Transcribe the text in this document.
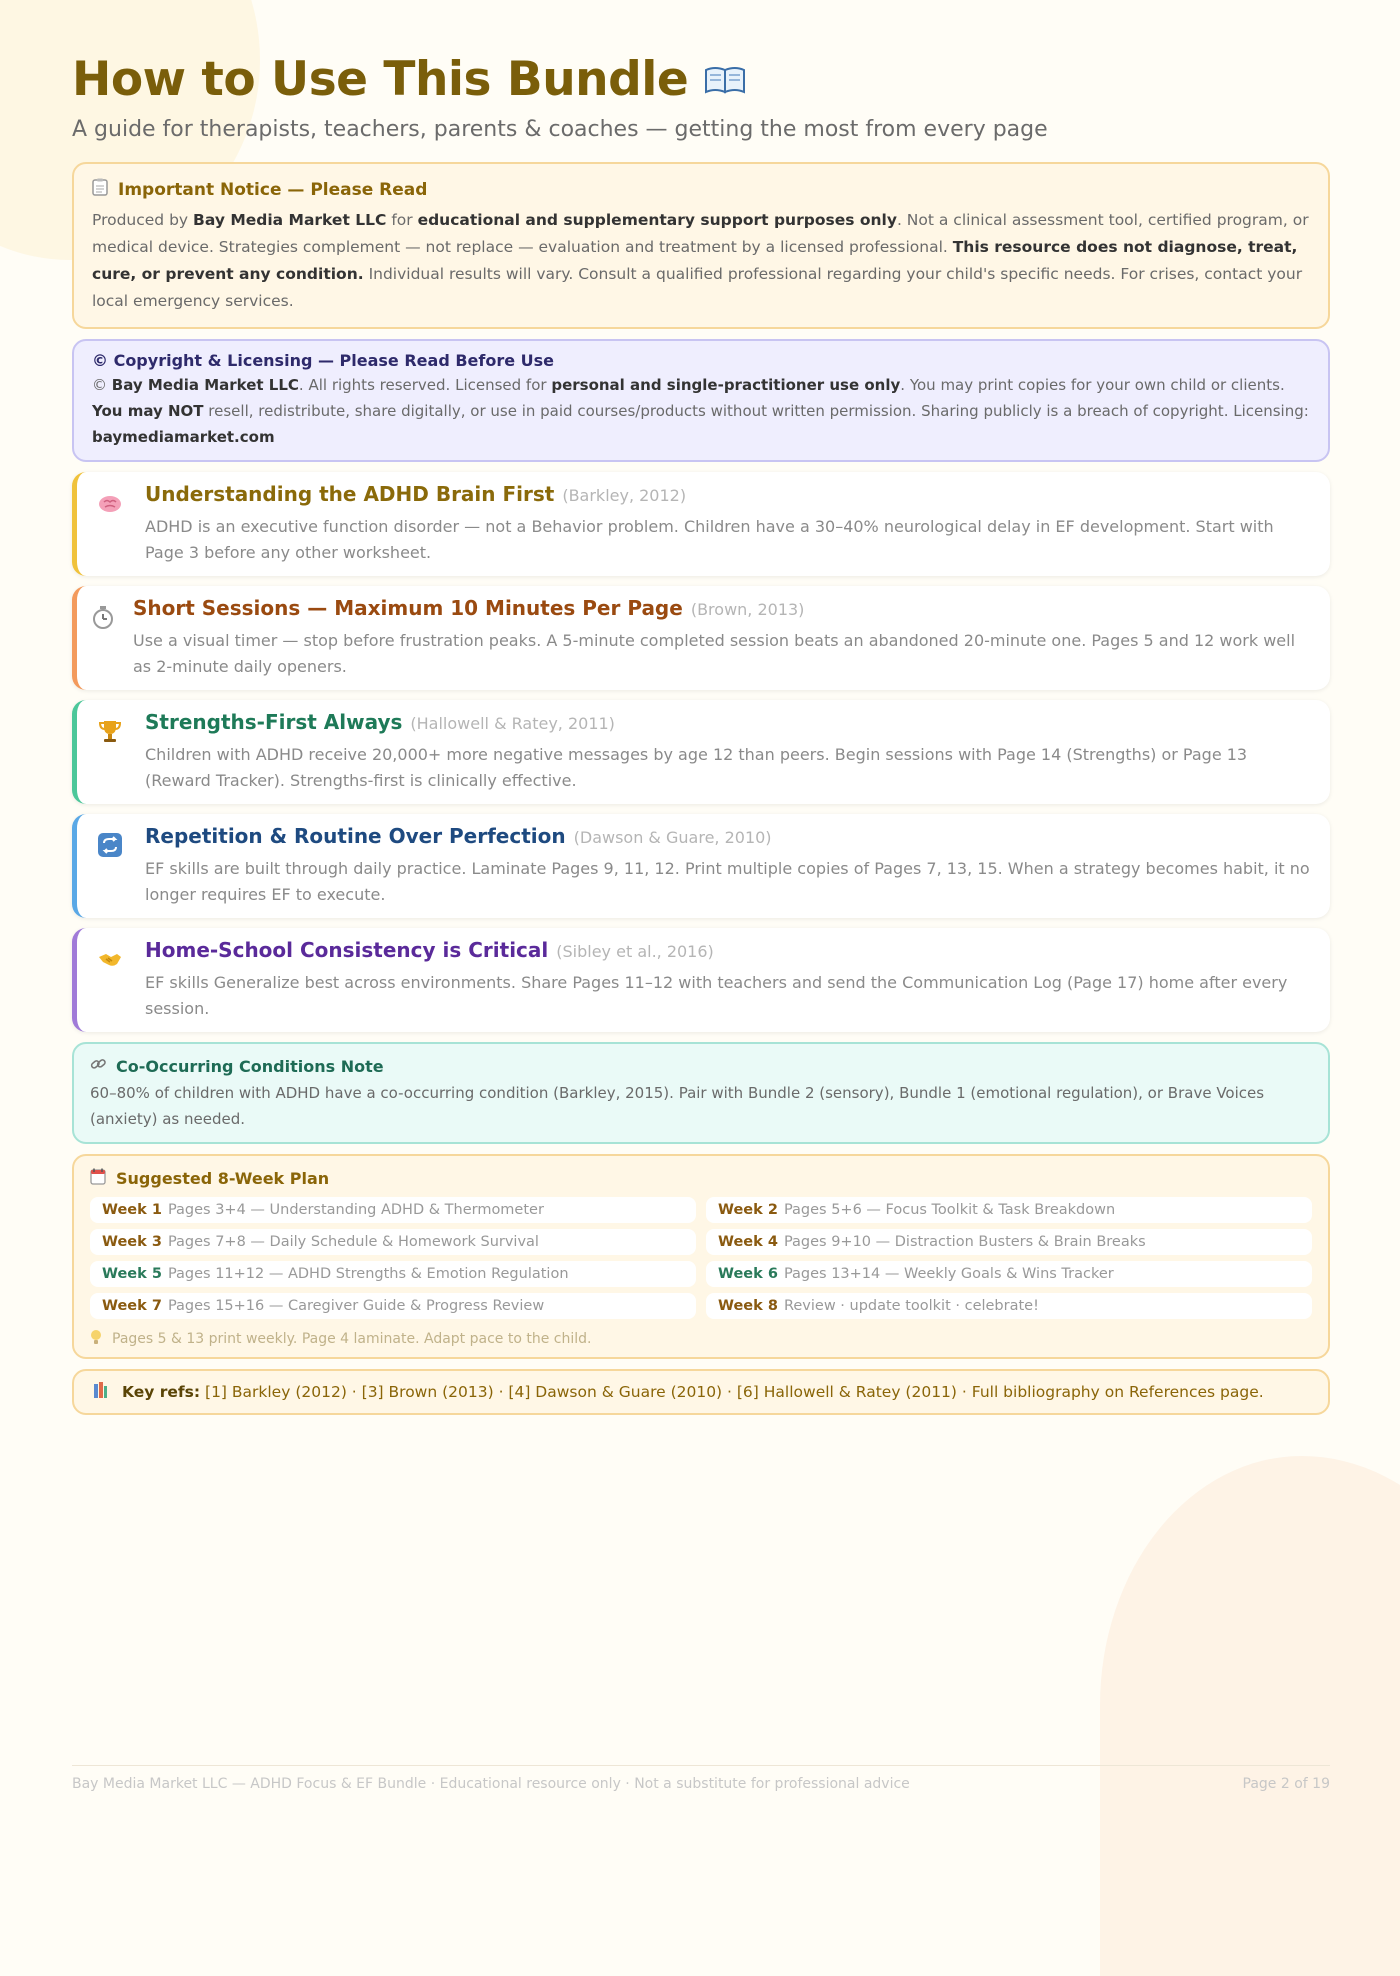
How to Use This Bundle

A guide for therapists, teachers, parents & coaches — getting the most from every page

Important Notice — Please Read
Produced by Bay Media Market LLC for educational and supplementary support purposes only. Not a clinical assessment tool, certified program, or medical device. Strategies complement — not replace — evaluation and treatment by a licensed professional. This resource does not diagnose, treat, cure, or prevent any condition. Individual results will vary. Consult a qualified professional regarding your child's specific needs. For crises, contact your local emergency services.
© Copyright & Licensing — Please Read Before Use
© Bay Media Market LLC. All rights reserved. Licensed for personal and single-practitioner use only. You may print copies for your own child or clients. You may NOT resell, redistribute, share digitally, or use in paid courses/products without written permission. Sharing publicly is a breach of copyright. Licensing: baymediamarket.com
Understanding the ADHD Brain First (Barkley, 2012)
ADHD is an executive function disorder — not a Behavior problem. Children have a 30–40% neurological delay in EF development. Start with Page 3 before any other worksheet.
Short Sessions — Maximum 10 Minutes Per Page (Brown, 2013)
Use a visual timer — stop before frustration peaks. A 5-minute completed session beats an abandoned 20-minute one. Pages 5 and 12 work well as 2-minute daily openers.
Strengths-First Always (Hallowell & Ratey, 2011)
Children with ADHD receive 20,000+ more negative messages by age 12 than peers. Begin sessions with Page 14 (Strengths) or Page 13 (Reward Tracker). Strengths-first is clinically effective.
Repetition & Routine Over Perfection (Dawson & Guare, 2010)
EF skills are built through daily practice. Laminate Pages 9, 11, 12. Print multiple copies of Pages 7, 13, 15. When a strategy becomes habit, it no longer requires EF to execute.
Home-School Consistency is Critical (Sibley et al., 2016)
EF skills Generalize best across environments. Share Pages 11–12 with teachers and send the Communication Log (Page 17) home after every session.
Co-Occurring Conditions Note
60–80% of children with ADHD have a co-occurring condition (Barkley, 2015). Pair with Bundle 2 (sensory), Bundle 1 (emotional regulation), or Brave Voices (anxiety) as needed.
Suggested 8-Week Plan
Week 1 Pages 3+4 — Understanding ADHD & Thermometer	Week 2 Pages 5+6 — Focus Toolkit & Task Breakdown
Week 3 Pages 7+8 — Daily Schedule & Homework Survival	Week 4 Pages 9+10 — Distraction Busters & Brain Breaks
Week 5 Pages 11+12 — ADHD Strengths & Emotion Regulation	Week 6 Pages 13+14 — Weekly Goals & Wins Tracker
Week 7 Pages 15+16 — Caregiver Guide & Progress Review	Week 8 Review · update toolkit · celebrate!
Pages 5 & 13 print weekly. Page 4 laminate. Adapt pace to the child.
Key refs: [1] Barkley (2012) · [3] Brown (2013) · [4] Dawson & Guare (2010) · [6] Hallowell & Ratey (2011) · Full bibliography on References page.
Bay Media Market LLC — ADHD Focus & EF Bundle · Educational resource only · Not a substitute for professional advice	Page 2 of 19
